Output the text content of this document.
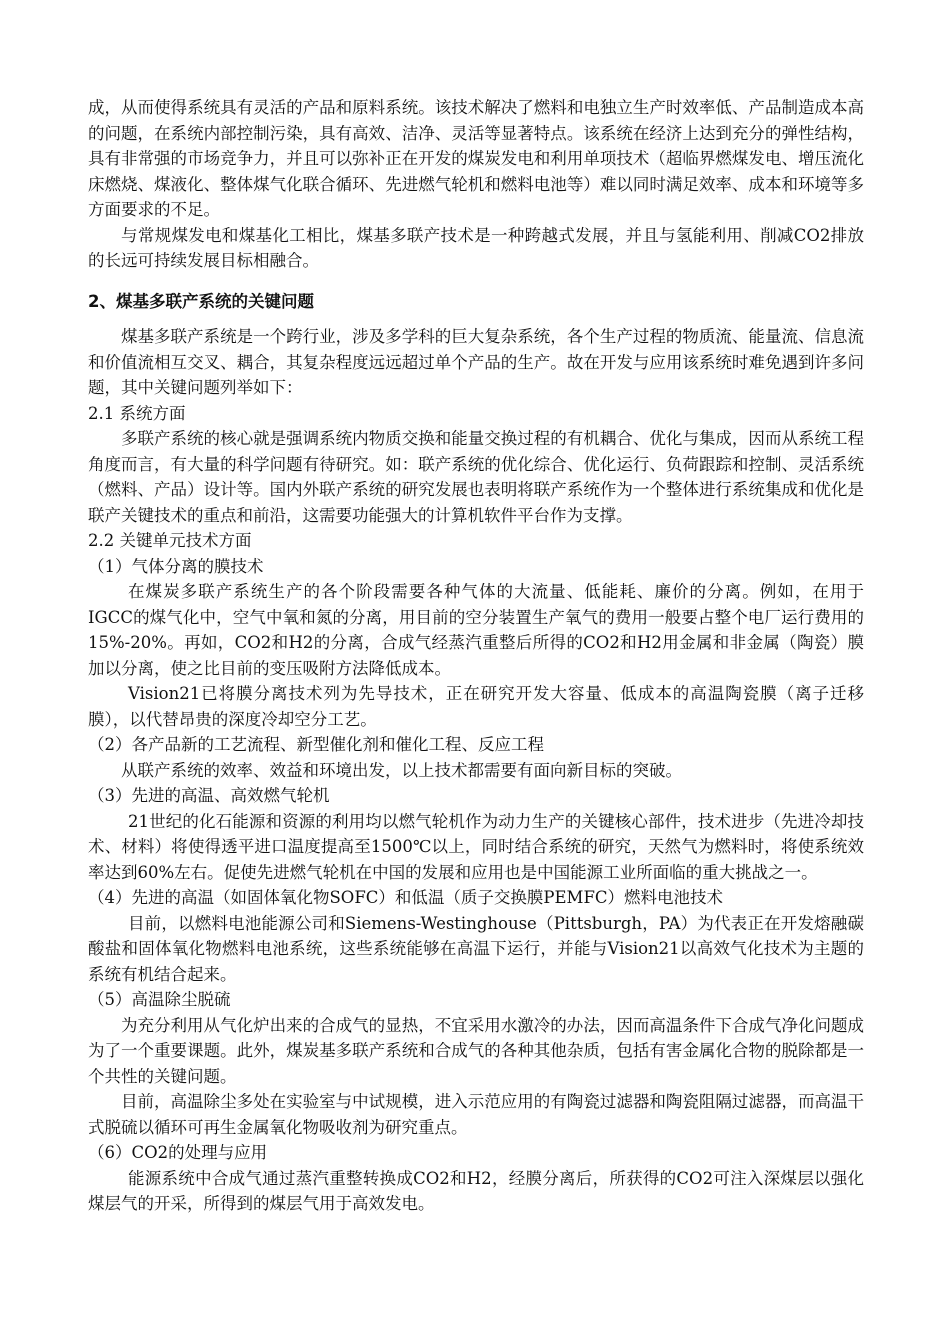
成，从而使得系统具有灵活的产品和原料系统。该技术解决了燃料和电独立生产时效率低、产品制造成本高的问题，在系统内部控制污染，具有高效、洁净、灵活等显著特点。该系统在经济上达到充分的弹性结构，具有非常强的市场竞争力，并且可以弥补正在开发的煤炭发电和利用单项技术（超临界燃煤发电、增压流化床燃烧、煤液化、整体煤气化联合循环、先进燃气轮机和燃料电池等）难以同时满足效率、成本和环境等多方面要求的不足。

与常规煤发电和煤基化工相比，煤基多联产技术是一种跨越式发展，并且与氢能利用、削减CO2排放的长远可持续发展目标相融合。

2、煤基多联产系统的关键问题

煤基多联产系统是一个跨行业，涉及多学科的巨大复杂系统，各个生产过程的物质流、能量流、信息流和价值流相互交叉、耦合，其复杂程度远远超过单个产品的生产。故在开发与应用该系统时难免遇到许多问题，其中关键问题列举如下：

2.1 系统方面

多联产系统的核心就是强调系统内物质交换和能量交换过程的有机耦合、优化与集成，因而从系统工程角度而言，有大量的科学问题有待研究。如：联产系统的优化综合、优化运行、负荷跟踪和控制、灵活系统（燃料、产品）设计等。国内外联产系统的研究发展也表明将联产系统作为一个整体进行系统集成和优化是联产关键技术的重点和前沿，这需要功能强大的计算机软件平台作为支撑。

2.2 关键单元技术方面

（1）气体分离的膜技术

在煤炭多联产系统生产的各个阶段需要各种气体的大流量、低能耗、廉价的分离。例如，在用于IGCC的煤气化中，空气中氧和氮的分离，用目前的空分装置生产氧气的费用一般要占整个电厂运行费用的15%-20%。再如，CO2和H2的分离，合成气经蒸汽重整后所得的CO2和H2用金属和非金属（陶瓷）膜加以分离，使之比目前的变压吸附方法降低成本。

Vision21已将膜分离技术列为先导技术，正在研究开发大容量、低成本的高温陶瓷膜（离子迁移膜），以代替昂贵的深度冷却空分工艺。

（2）各产品新的工艺流程、新型催化剂和催化工程、反应工程

从联产系统的效率、效益和环境出发，以上技术都需要有面向新目标的突破。

（3）先进的高温、高效燃气轮机

21世纪的化石能源和资源的利用均以燃气轮机作为动力生产的关键核心部件，技术进步（先进冷却技术、材料）将使得透平进口温度提高至1500℃以上，同时结合系统的研究，天然气为燃料时，将使系统效率达到60%左右。促使先进燃气轮机在中国的发展和应用也是中国能源工业所面临的重大挑战之一。

（4）先进的高温（如固体氧化物SOFC）和低温（质子交换膜PEMFC）燃料电池技术

目前，以燃料电池能源公司和Siemens-Westinghouse（Pittsburgh，PA）为代表正在开发熔融碳酸盐和固体氧化物燃料电池系统，这些系统能够在高温下运行，并能与Vision21以高效气化技术为主题的系统有机结合起来。

（5）高温除尘脱硫

为充分利用从气化炉出来的合成气的显热，不宜采用水激冷的办法，因而高温条件下合成气净化问题成为了一个重要课题。此外，煤炭基多联产系统和合成气的各种其他杂质，包括有害金属化合物的脱除都是一个共性的关键问题。

目前，高温除尘多处在实验室与中试规模，进入示范应用的有陶瓷过滤器和陶瓷阻隔过滤器，而高温干式脱硫以循环可再生金属氧化物吸收剂为研究重点。

（6）CO2的处理与应用

能源系统中合成气通过蒸汽重整转换成CO2和H2，经膜分离后，所获得的CO2可注入深煤层以强化煤层气的开采，所得到的煤层气用于高效发电。
